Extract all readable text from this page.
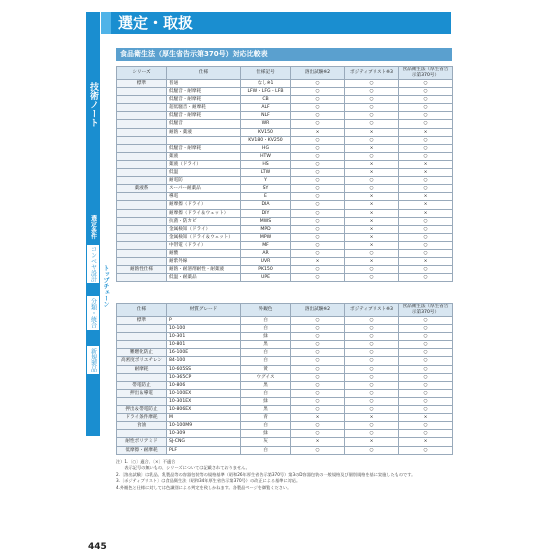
技術ノート
選定条件
コンベヤ設計
分類・統合
新規製品
トップチェーン
選定・取扱
食品衛生法（厚生省告示第370号）対応比較表
シリーズ	仕様	仕様記号	溶出試験※2	ポジティブリスト※3	食品衛生法（厚生省告示第370号）
標準	普通	なし※1	○	○	○
	低騒音・耐摩耗	LFW・LFG・LFB	○	○	○
	低騒音・耐摩耗	CB	○	○	○
	超低騒音・耐摩耗	ALF	○	○	○
	低騒音・耐摩耗	NLF	○	○	○
	低騒音	WR	○	○	○
	耐熱・薬液	KV150	×	×	×
		KV180・KV250	○	○	○
	低騒音・耐摩耗	HG	○	×	○
	薬液	HTW	○	○	○
	薬液（ドライ）	HS	○	×	×
	低温	LTW	○	×	×
	耐電防	Y	○	○	○
薬液系	スーパー耐薬品	SY	○	○	○
	導電	E	○	×	×
	耐摩擦（ドライ）	DIA	○	×	×
	耐摩擦（ドライ＆ウェット）	DIY	○	×	×
	抗菌・防カビ	MWS	○	×	○
	金属検知（ドライ）	MPD	○	×	○
	金属検知（ドライ＆ウェット）	MPW	○	×	○
	中帯電（ドライ）	MF	○	×	○
	耐酸	AR	○	○	○
	耐紫外線	UVR	×	×	×
耐熱性仕様	耐熱・耐溶剤耐性・耐薬液	PK150	○	○	○
	低温・耐薬品	UPE	○	○	○
仕様	材質グレード	外観色	溶出試験※2	ポジティブリスト※3	食品衛生法（厚生省告示第370号）
標準	P	白	○	○	○
	10-100	白	○	○	○
	10-301	緑	○	○	○
	10-801	黒	○	○	○
難燃化防止	16-100E	白	○	○	○
高密度ポリエチレン	84-100	白	○	○	○
耐摩耗	10-605SS	黄	○	○	○
	10-365CP	ウグイス	○	○	○
帯電防止	10-806	黒	○	○	○
押出＆導電	10-100EX	白	○	○	○
	10-301EX	緑	○	○	○
押出＆帯電防止	10-806EX	黒	○	○	○
ドライ条件摩耗	M	青	×	×	×
食油	10-100M9	白	○	○	○
	10-309	緑	○	○	○
耐性ポリアミド	SJ-CNG	灰	×	×	×
低摩擦・耐摩耗	PLF	白	○	○	○
注）1.〔○〕適合、〔×〕不適合
　　表示記号の無いもの、シリーズについては記載されておりません。
2.〔溶出試験〕は乳品、乳製品等の容器包装等の規格基準（昭和26年厚生省告示第370号）第3のD容器包装の一般規格及び個別規格を基に実施したものです。
3.〔ポジティブリスト〕は食品衛生法（昭和34年厚生省告示第370号）の改正による基準に対応。
4.外観色と仕様に対しては色識別による判定を致しかねます。各製品ページを御覧ください。
445
